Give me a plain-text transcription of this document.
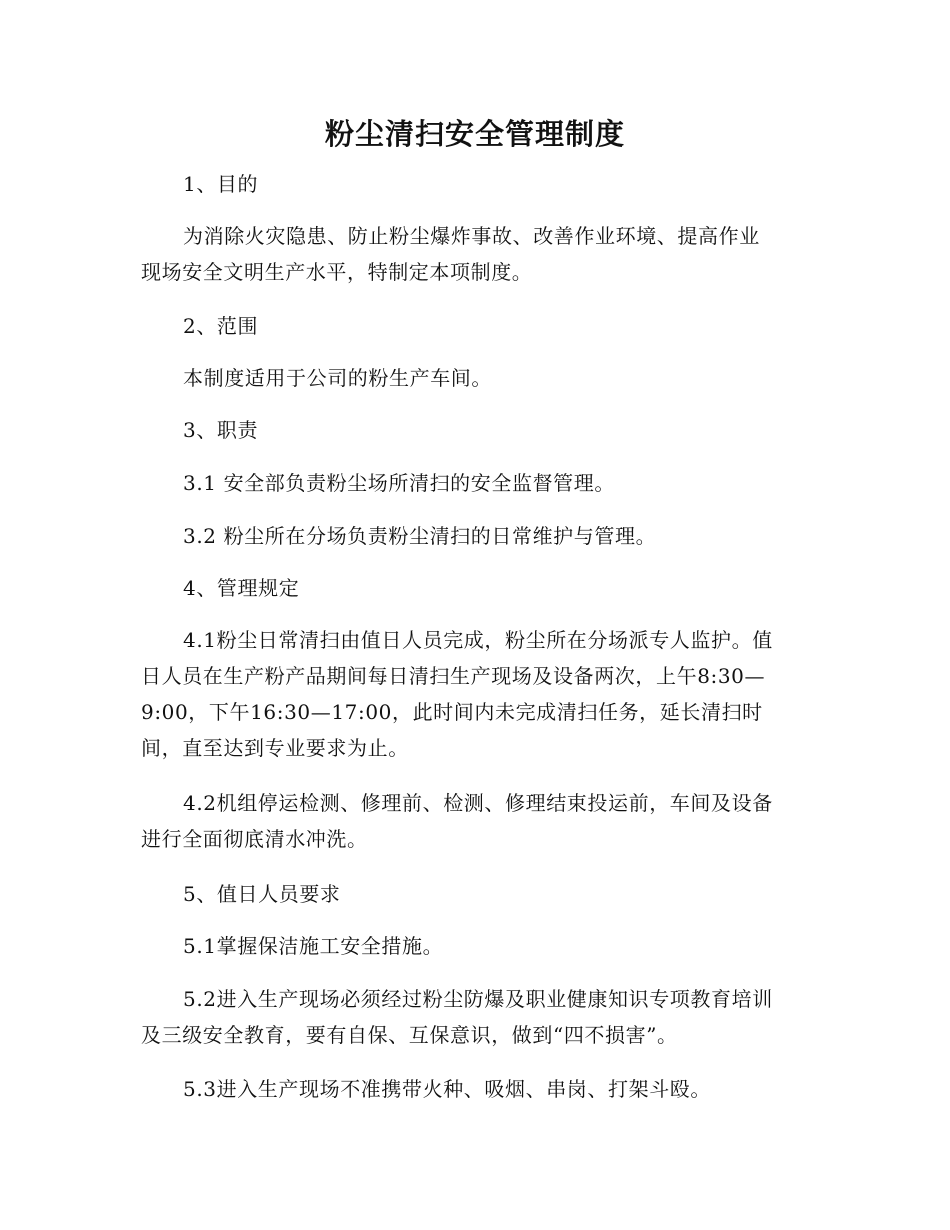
粉尘清扫安全管理制度
1、目的
为消除火灾隐患、防止粉尘爆炸事故、改善作业环境、提高作业
现场安全文明生产水平，特制定本项制度。
2、范围
本制度适用于公司的粉生产车间。
3、职责
3.1 安全部负责粉尘场所清扫的安全监督管理。
3.2 粉尘所在分场负责粉尘清扫的日常维护与管理。
4、管理规定
4.1粉尘日常清扫由值日人员完成，粉尘所在分场派专人监护。值
日人员在生产粉产品期间每日清扫生产现场及设备两次，上午8:30—
9:00，下午16:30—17:00，此时间内未完成清扫任务，延长清扫时
间，直至达到专业要求为止。
4.2机组停运检测、修理前、检测、修理结束投运前，车间及设备
进行全面彻底清水冲洗。
5、值日人员要求
5.1掌握保洁施工安全措施。
5.2进入生产现场必须经过粉尘防爆及职业健康知识专项教育培训
及三级安全教育，要有自保、互保意识，做到“四不损害”。
5.3进入生产现场不准携带火种、吸烟、串岗、打架斗殴。
